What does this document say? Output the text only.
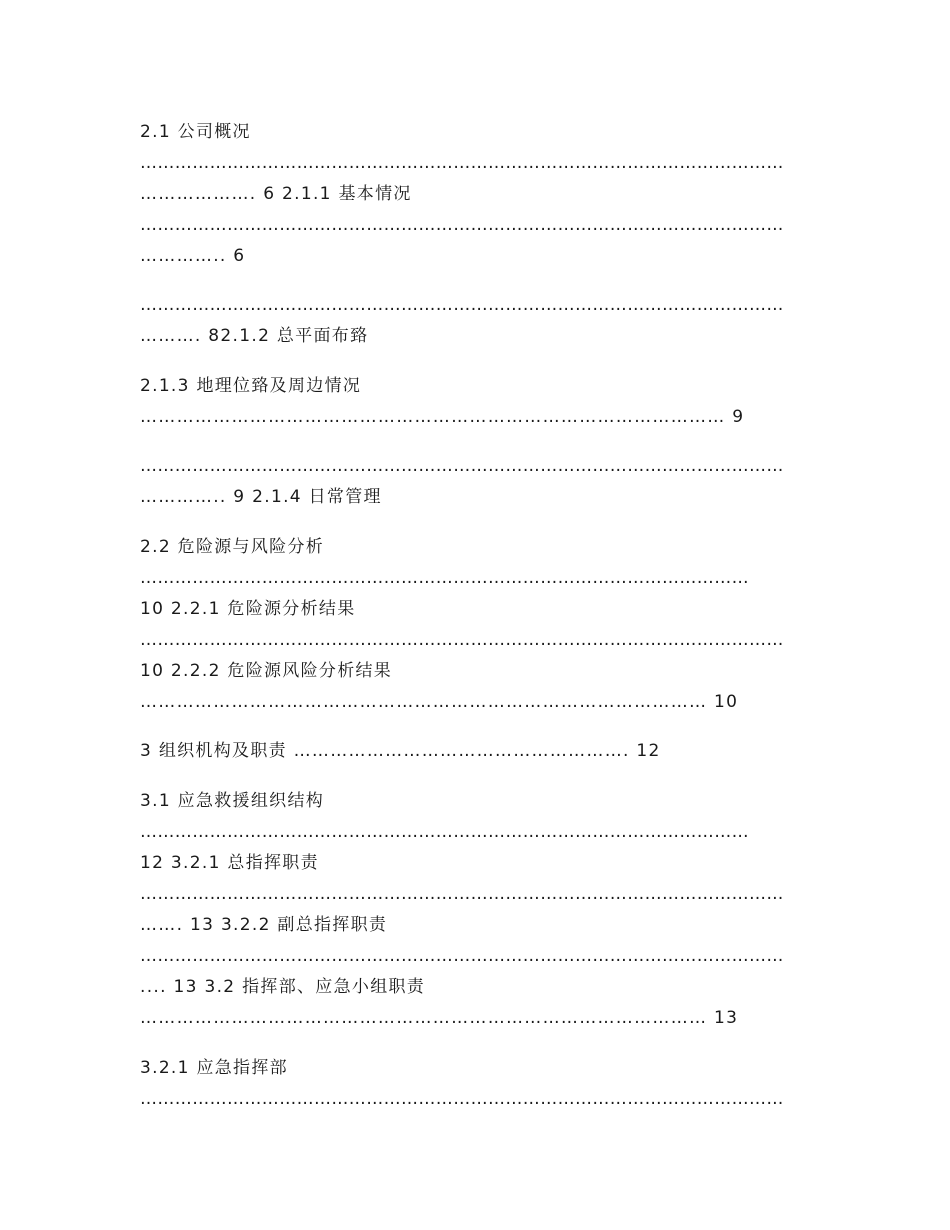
2.1 公司概况
…………………………………………………………………………………………………
………………. 6 2.1.1 基本情况
…………………………………………………………………………………………………
………….. 6
…………………………………………………………………………………………………
………. 82.1.2 总平面布臵
2.1.3 地理位臵及周边情况
…………………………………………………………………………………… 9
…………………………………………………………………………………………………
………….. 9 2.1.4 日常管理
2.2 危险源与风险分析
……………………………………………………………………………………………
10 2.2.1 危险源分析结果
…………………………………………………………………………………………………
10 2.2.2 危险源风险分析结果
………………………………………………………………………………… 10
3 组织机构及职责 ………………………………………………. 12
3.1 应急救援组织结构
……………………………………………………………………………………………
12 3.2.1 总指挥职责
…………………………………………………………………………………………………
……. 13 3.2.2 副总指挥职责
…………………………………………………………………………………………………
.... 13 3.2 指挥部、应急小组职责
………………………………………………………………………………… 13
3.2.1 应急指挥部
…………………………………………………………………………………………………
